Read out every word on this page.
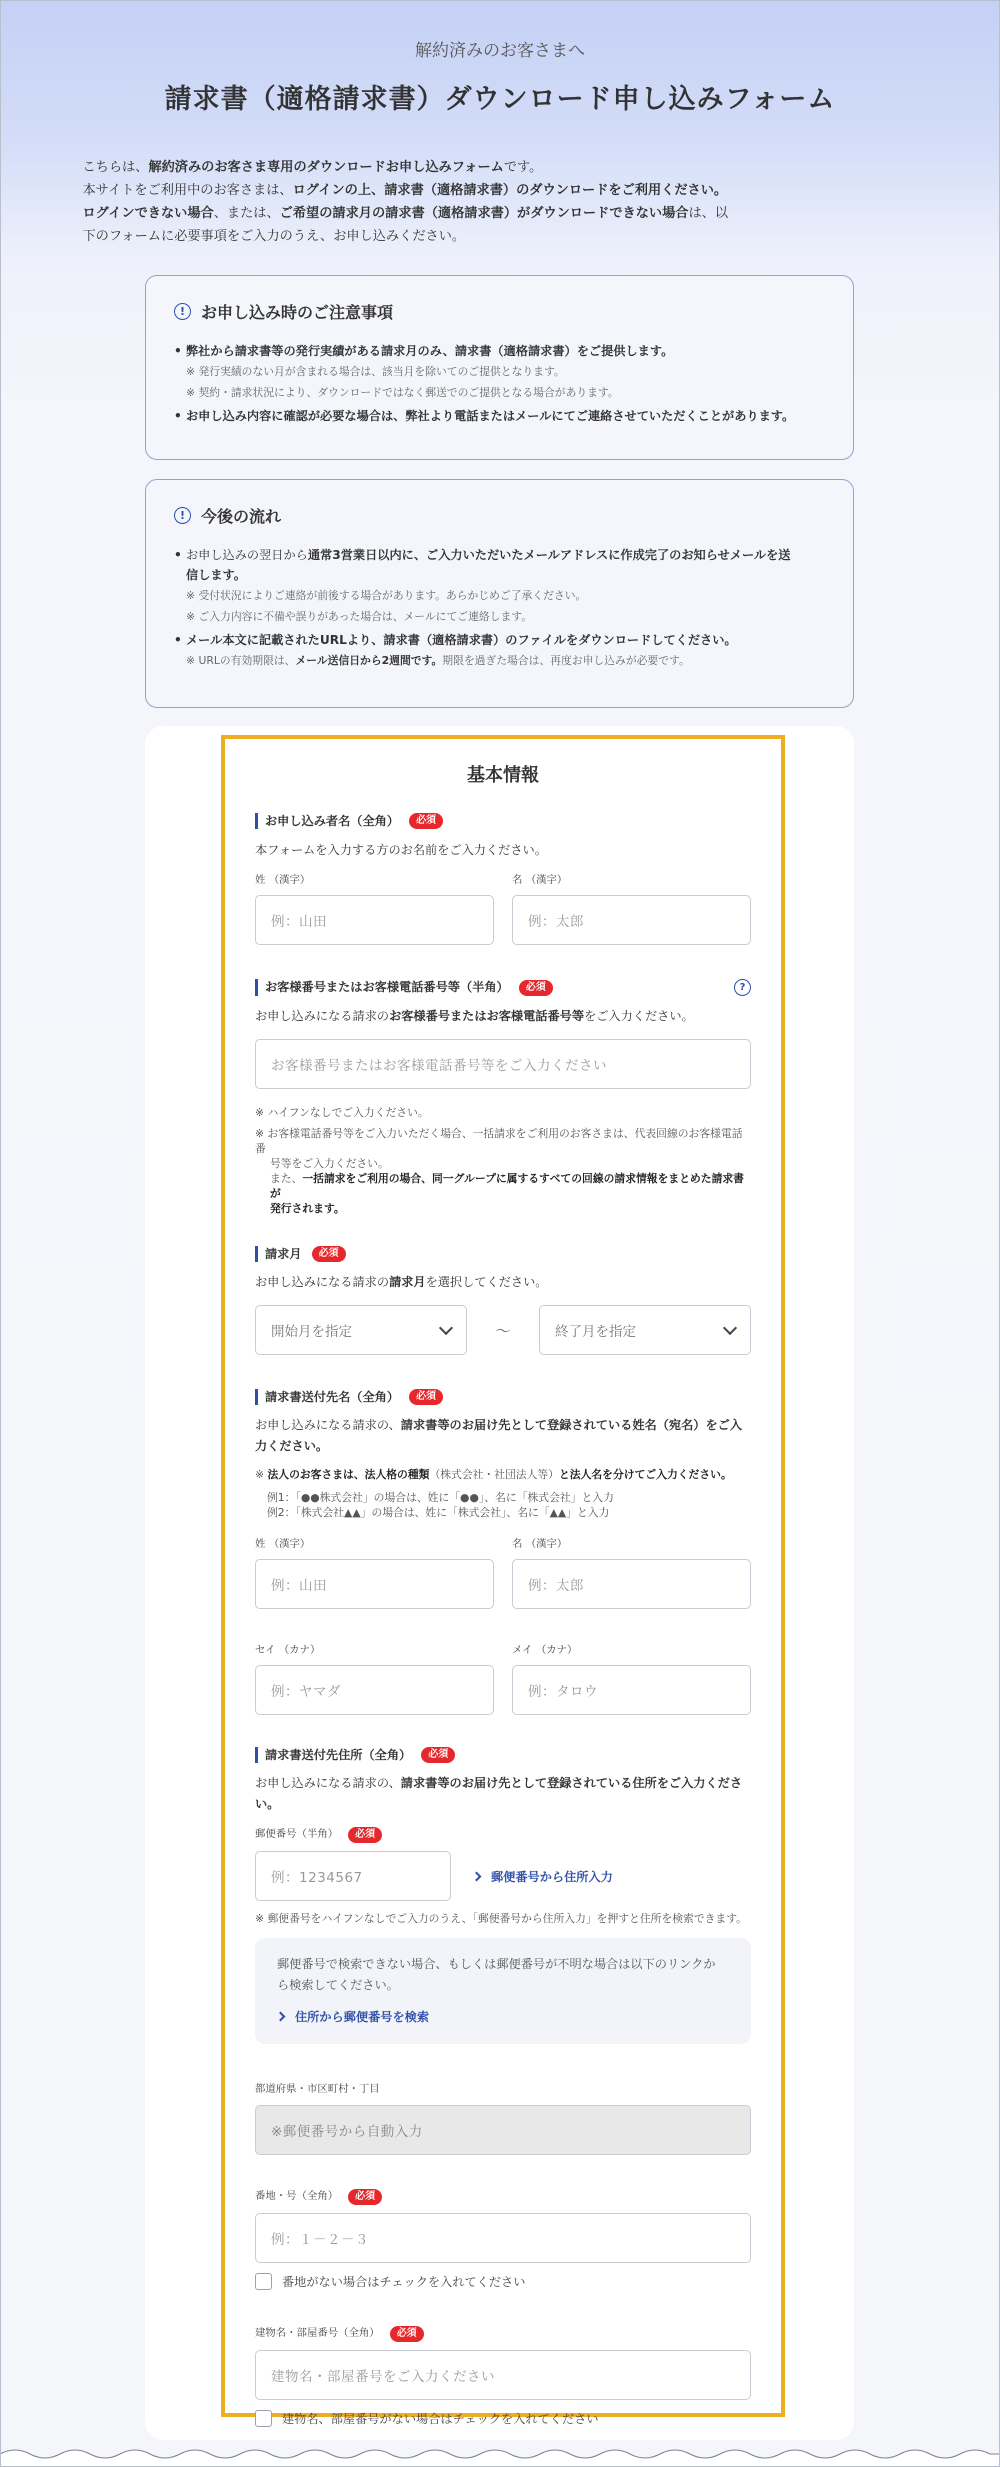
解約済みのお客さまへ
請求書（適格請求書）ダウンロード申し込みフォーム
こちらは、解約済みのお客さま専用のダウンロードお申し込みフォームです。
本サイトをご利用中のお客さまは、ログインの上、請求書（適格請求書）のダウンロードをご利用ください。
ログインできない場合、または、ご希望の請求月の請求書（適格請求書）がダウンロードできない場合は、以
下のフォームに必要事項をご入力のうえ、お申し込みください。
! お申し込み時のご注意事項
• 弊社から請求書等の発行実績がある請求月のみ、請求書（適格請求書）をご提供します。
※ 発行実績のない月が含まれる場合は、該当月を除いてのご提供となります。
※ 契約・請求状況により、ダウンロードではなく郵送でのご提供となる場合があります。
• お申し込み内容に確認が必要な場合は、弊社より電話またはメールにてご連絡させていただくことがあります。
! 今後の流れ
• お申し込みの翌日から通常3営業日以内に、ご入力いただいたメールアドレスに作成完了のお知らせメールを送
信します。
※ 受付状況によりご連絡が前後する場合があります。あらかじめご了承ください。
※ ご入力内容に不備や誤りがあった場合は、メールにてご連絡します。
• メール本文に記載されたURLより、請求書（適格請求書）のファイルをダウンロードしてください。
※ URLの有効期限は、メール送信日から2週間です。期限を過ぎた場合は、再度お申し込みが必要です。
基本情報
お申し込み者名（全角）	必須
本フォームを入力する方のお名前をご入力ください。
姓 （漢字）
例：山田
名 （漢字）
例：太郎
お客様番号またはお客様電話番号等（半角）	必須	?
お申し込みになる請求のお客様番号またはお客様電話番号等をご入力ください。
お客様番号またはお客様電話番号等をご入力ください
※ ハイフンなしでご入力ください。
※ お客様電話番号等をご入力いただく場合、一括請求をご利用のお客さまは、代表回線のお客様電話番
号等をご入力ください。
また、一括請求をご利用の場合、同一グループに属するすべての回線の請求情報をまとめた請求書が
発行されます。
請求月	必須
お申し込みになる請求の請求月を選択してください。
開始月を指定	〜	終了月を指定
請求書送付先名（全角）	必須
お申し込みになる請求の、請求書等のお届け先として登録されている姓名（宛名）をご入
力ください。
※ 法人のお客さまは、法人格の種類（株式会社・社団法人等）と法人名を分けてご入力ください。
例1：「●●株式会社」の場合は、姓に「●●」、名に「株式会社」と入力
例2：「株式会社▲▲」の場合は、姓に「株式会社」、名に「▲▲」と入力
姓 （漢字）
例：山田
名 （漢字）
例：太郎
セイ （カナ）
例：ヤマダ
メイ （カナ）
例：タロウ
請求書送付先住所（全角）	必須
お申し込みになる請求の、請求書等のお届け先として登録されている住所をご入力くださ
い。
郵便番号（半角） 必須
例：1234567	郵便番号から住所入力
※ 郵便番号をハイフンなしでご入力のうえ、「郵便番号から住所入力」を押すと住所を検索できます。
郵便番号で検索できない場合、もしくは郵便番号が不明な場合は以下のリンクか
ら検索してください。
住所から郵便番号を検索
都道府県・市区町村・丁目
※郵便番号から自動入力
番地・号（全角） 必須
例：１－２－３
番地がない場合はチェックを入れてください
建物名・部屋番号（全角） 必須
建物名・部屋番号をご入力ください
建物名、部屋番号がない場合はチェックを入れてください
